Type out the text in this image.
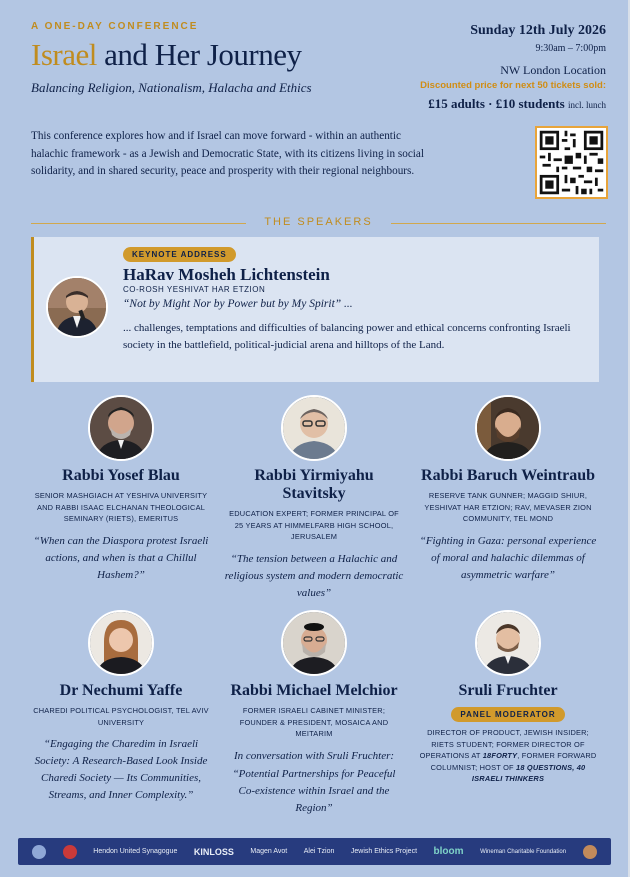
A ONE-DAY CONFERENCE
Israel and Her Journey
Balancing Religion, Nationalism, Halacha and Ethics
Sunday 12th July 2026
9:30am – 7:00pm
NW London Location
Discounted price for next 50 tickets sold:
£15 adults · £10 students incl. lunch
This conference explores how and if Israel can move forward - within an authentic halachic framework - as a Jewish and Democratic State, with its citizens living in social solidarity, and in shared security, peace and prosperity with their regional neighbours.
THE SPEAKERS
KEYNOTE ADDRESS
HaRav Mosheh Lichtenstein
CO-ROSH YESHIVAT HAR ETZION
“Not by Might Nor by Power but by My Spirit” ...
... challenges, temptations and difficulties of balancing power and ethical concerns confronting Israeli society in the battlefield, political-judicial arena and hilltops of the Land.
Rabbi Yosef Blau
SENIOR MASHGIACH AT YESHIVA UNIVERSITY AND RABBI ISAAC ELCHANAN THEOLOGICAL SEMINARY (RIETS), EMERITUS
“When can the Diaspora protest Israeli actions, and when is that a Chillul Hashem?”
Rabbi Yirmiyahu Stavitsky
EDUCATION EXPERT; FORMER PRINCIPAL OF 25 YEARS AT HIMMELFARB HIGH SCHOOL, JERUSALEM
“The tension between a Halachic and religious system and modern democratic values”
Rabbi Baruch Weintraub
RESERVE TANK GUNNER; MAGGID SHIUR, YESHIVAT HAR ETZION; RAV, MEVASER ZION COMMUNITY, TEL MOND
“Fighting in Gaza: personal experience of moral and halachic dilemmas of asymmetric warfare”
Dr Nechumi Yaffe
CHAREDI POLITICAL PSYCHOLOGIST, TEL AVIV UNIVERSITY
“Engaging the Charedim in Israeli Society: A Research-Based Look Inside Charedi Society — Its Communities, Streams, and Inner Complexity.”
Rabbi Michael Melchior
FORMER ISRAELI CABINET MINISTER; FOUNDER & PRESIDENT, MOSAICA AND MEITARIM
In conversation with Sruli Fruchter:
“Potential Partnerships for Peaceful Co-existence within Israel and the Region”
Sruli Fruchter
PANEL MODERATOR
DIRECTOR OF PRODUCT, JEWISH INSIDER; RIETS STUDENT; FORMER DIRECTOR OF OPERATIONS AT 18FORTY, FORMER FORWARD COLUMNIST; HOST OF 18 QUESTIONS, 40 ISRAELI THINKERS
Hendon United Synagogue KINLOSS Magen Avot Alei Tzion Jewish Ethics Project bloom	Wineman Charitable Foundation
